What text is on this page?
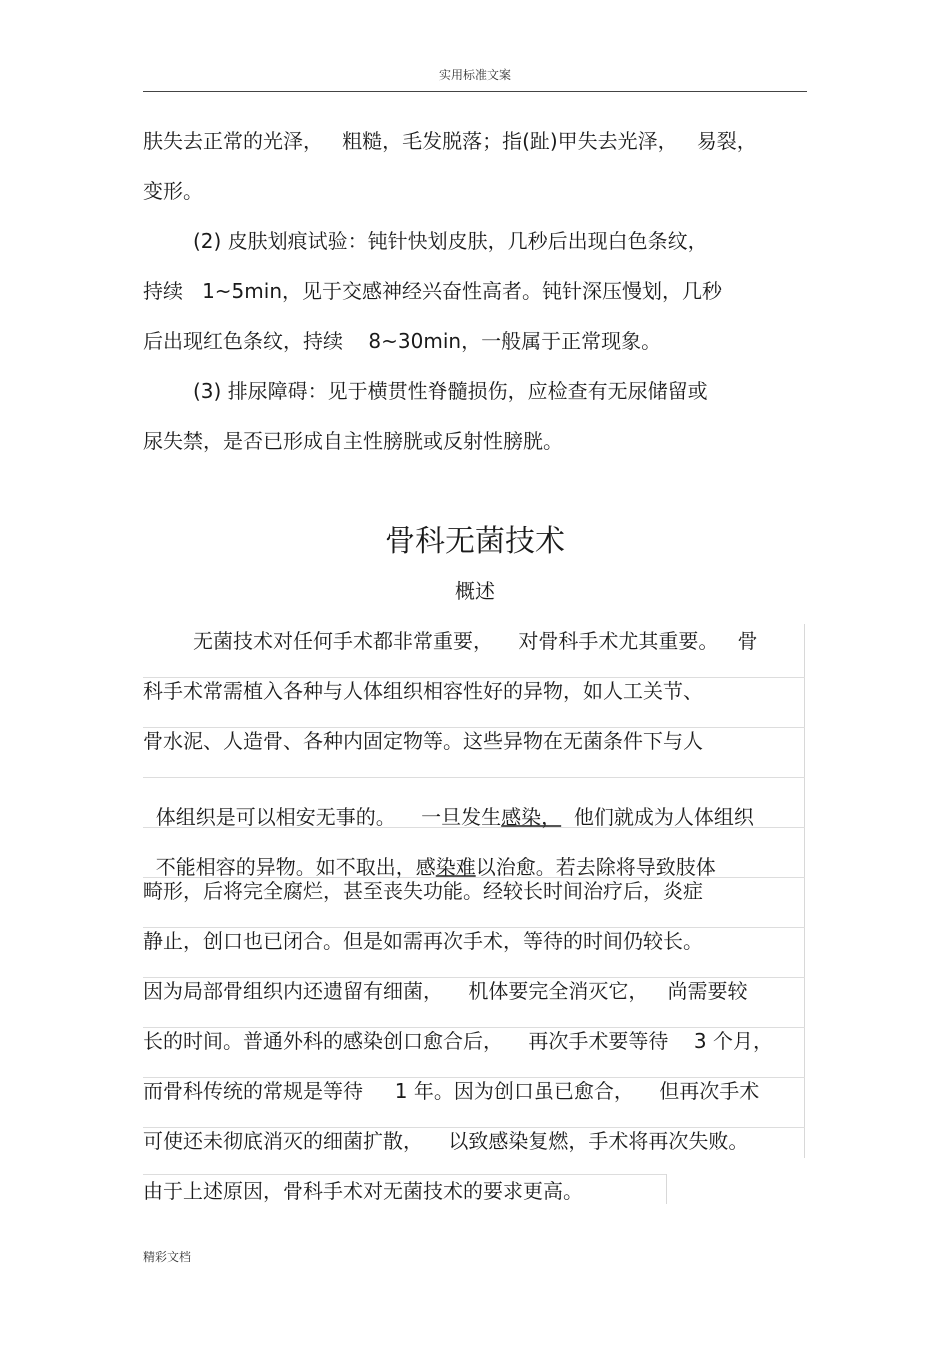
实用标准文案
肤失去正常的光泽，   粗糙，毛发脱落；指(趾)甲失去光泽，   易裂，
变形。
(2) 皮肤划痕试验：钝针快划皮肤，几秒后出现白色条纹，
持续   1~5min，见于交感神经兴奋性高者。钝针深压慢划，几秒
后出现红色条纹，持续    8~30min，一般属于正常现象。
(3) 排尿障碍：见于横贯性脊髓损伤，应检查有无尿储留或
尿失禁，是否已形成自主性膀胱或反射性膀胱。
骨科无菌技术
概述
无菌技术对任何手术都非常重要，    对骨科手术尤其重要。   骨
科手术常需植入各种与人体组织相容性好的异物，如人工关节、
骨水泥、人造骨、各种内固定物等。这些异物在无菌条件下与人

体组织是可以相安无事的。    一旦发生感染，  他们就成为人体组织

不能相容的异物。如不取出，感染难以治愈。若去除将导致肢体

畸形，后将完全腐烂，甚至丧失功能。经较长时间治疗后，炎症
静止，创口也已闭合。但是如需再次手术，等待的时间仍较长。
因为局部骨组织内还遗留有细菌，    机体要完全消灭它，   尚需要较
长的时间。普通外科的感染创口愈合后，    再次手术要等待    3 个月，
而骨科传统的常规是等待     1 年。因为创口虽已愈合，    但再次手术
可使还未彻底消灭的细菌扩散，    以致感染复燃，手术将再次失败。
由于上述原因，骨科手术对无菌技术的要求更高。
精彩文档
